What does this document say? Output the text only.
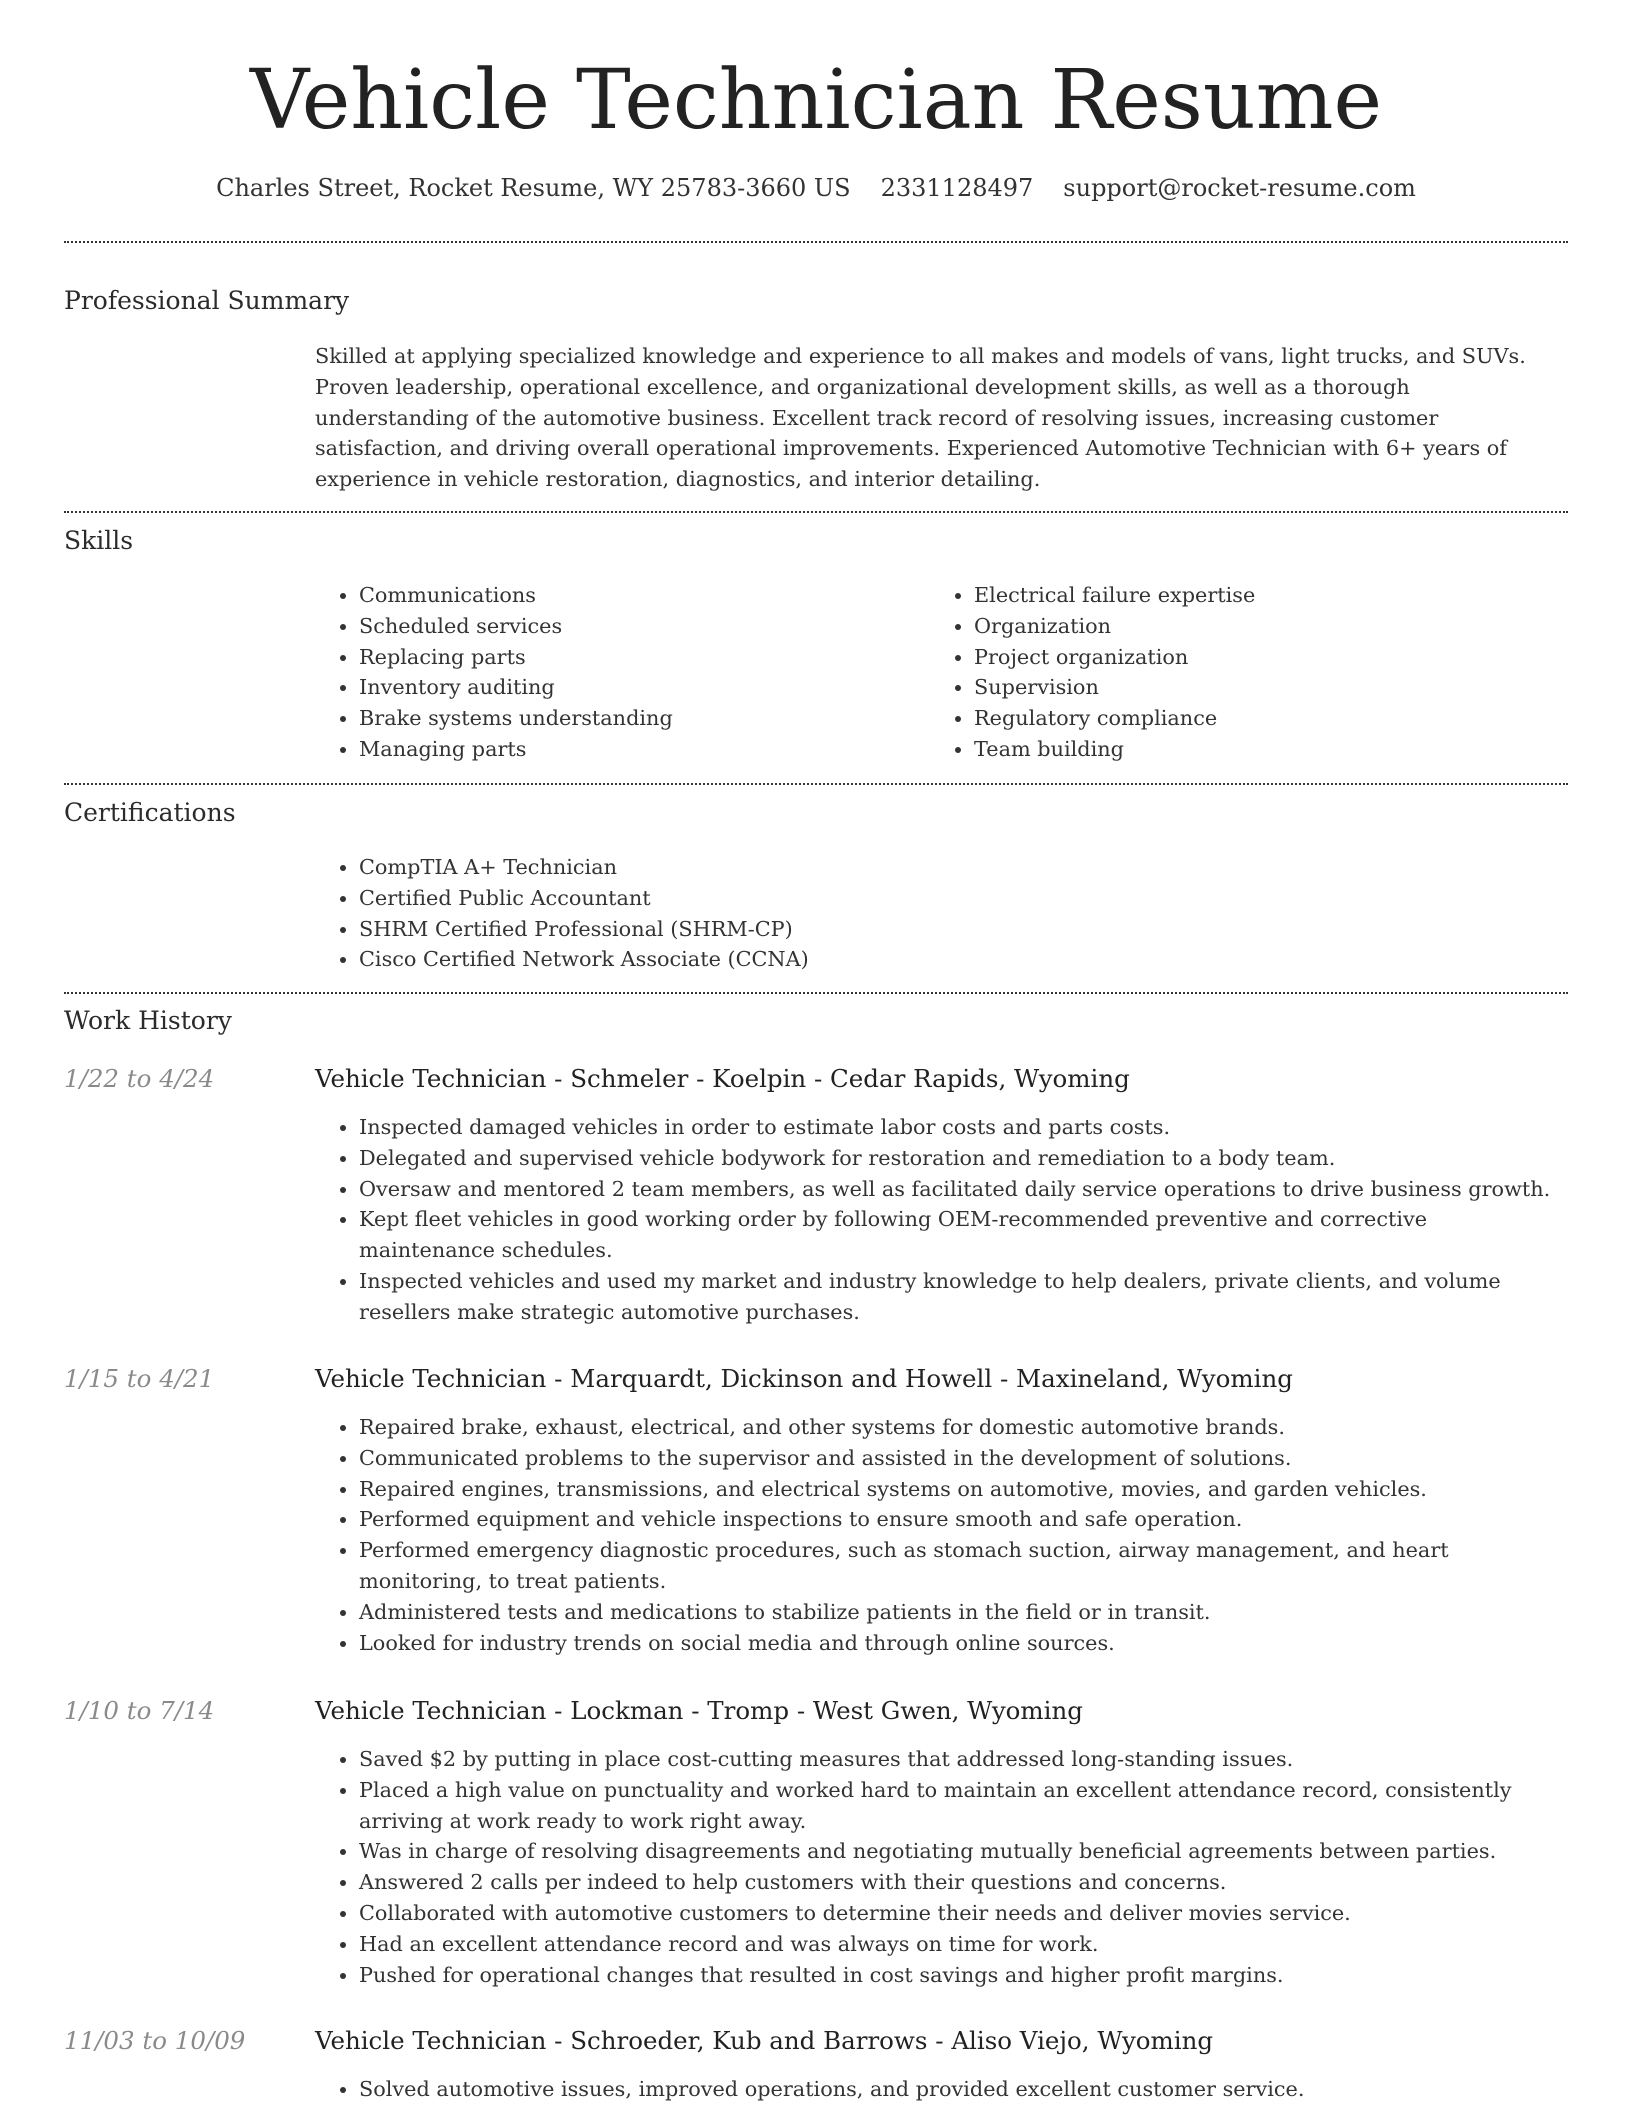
Vehicle Technician Resume
Charles Street, Rocket Resume, WY 25783-3660 US 2331128497 support@rocket-resume.com
Professional Summary

Skilled at applying specialized knowledge and experience to all makes and models of vans, light trucks, and SUVs. Proven leadership, operational excellence, and organizational development skills, as well as a thorough understanding of the automotive business. Excellent track record of resolving issues, increasing customer satisfaction, and driving overall operational improvements. Experienced Automotive Technician with 6+ years of experience in vehicle restoration, diagnostics, and interior detailing.

Skills
• Communications
• Scheduled services
• Replacing parts
• Inventory auditing
• Brake systems understanding
• Managing parts
• Electrical failure expertise
• Organization
• Project organization
• Supervision
• Regulatory compliance
• Team building
Certifications
• CompTIA A+ Technician
• Certified Public Accountant
• SHRM Certified Professional (SHRM-CP)
• Cisco Certified Network Associate (CCNA)
Work History
1/22 to 4/24	Vehicle Technician - Schmeler - Koelpin - Cedar Rapids, Wyoming
• Inspected damaged vehicles in order to estimate labor costs and parts costs.
• Delegated and supervised vehicle bodywork for restoration and remediation to a body team.
• Oversaw and mentored 2 team members, as well as facilitated daily service operations to drive business growth.
• Kept fleet vehicles in good working order by following OEM-recommended preventive and corrective maintenance schedules.
• Inspected vehicles and used my market and industry knowledge to help dealers, private clients, and volume resellers make strategic automotive purchases.
1/15 to 4/21	Vehicle Technician - Marquardt, Dickinson and Howell - Maxineland, Wyoming
• Repaired brake, exhaust, electrical, and other systems for domestic automotive brands.
• Communicated problems to the supervisor and assisted in the development of solutions.
• Repaired engines, transmissions, and electrical systems on automotive, movies, and garden vehicles.
• Performed equipment and vehicle inspections to ensure smooth and safe operation.
• Performed emergency diagnostic procedures, such as stomach suction, airway management, and heart monitoring, to treat patients.
• Administered tests and medications to stabilize patients in the field or in transit.
• Looked for industry trends on social media and through online sources.
1/10 to 7/14	Vehicle Technician - Lockman - Tromp - West Gwen, Wyoming
• Saved $2 by putting in place cost-cutting measures that addressed long-standing issues.
• Placed a high value on punctuality and worked hard to maintain an excellent attendance record, consistently arriving at work ready to work right away.
• Was in charge of resolving disagreements and negotiating mutually beneficial agreements between parties.
• Answered 2 calls per indeed to help customers with their questions and concerns.
• Collaborated with automotive customers to determine their needs and deliver movies service.
• Had an excellent attendance record and was always on time for work.
• Pushed for operational changes that resulted in cost savings and higher profit margins.
11/03 to 10/09	Vehicle Technician - Schroeder, Kub and Barrows - Aliso Viejo, Wyoming
• Solved automotive issues, improved operations, and provided excellent customer service.
